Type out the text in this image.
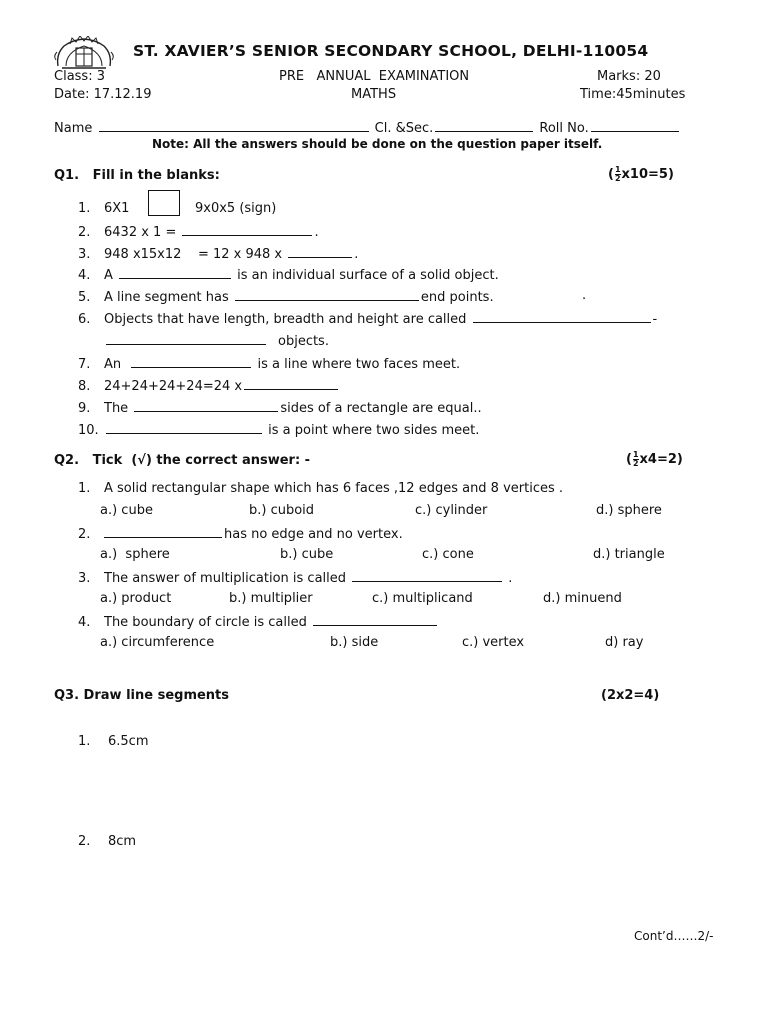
ST. XAVIER’S SENIOR SECONDARY SCHOOL, DELHI-110054
Class: 3	PRE   ANNUAL  EXAMINATION	Marks: 20
Date: 17.12.19	MATHS	Time:45minutes
Name	Cl. &Sec.	Roll No.
Note: All the answers should be done on the question paper itself.
Q1.   Fill in the blanks:	( $\frac{1}{2} x10=5$)
1. 6X1	9x0x5 (sign)
2. 6432 x 1 =	.
3. 948 x15x12    = 12 x 948 x	.
4. A	is an individual surface of a solid object.
5. A line segment has	end points.	.
6. Objects that have length, breadth and height are called	-
objects.
7. An	is a line where two faces meet.
8. 24+24+24+24=24 x
9. The	sides of a rectangle are equal..
10.	is a point where two sides meet.
Q2.   Tick  (√) the correct answer: -	( $\frac{1}{2} x4=2$)
1. A solid rectangular shape which has 6 faces ,12 edges and 8 vertices .
a.) cube	b.) cuboid	c.) cylinder	d.) sphere
2.	has no edge and no vertex.
a.)  sphere	b.) cube	c.) cone	d.) triangle
3. The answer of multiplication is called	.
a.) product	b.) multiplier	c.) multiplicand	d.) minuend
4. The boundary of circle is called
a.) circumference	b.) side	c.) vertex	d) ray
Q3. Draw line segments	(2x2=4)
1. 6.5cm
2. 8cm
Cont’d……2/-
